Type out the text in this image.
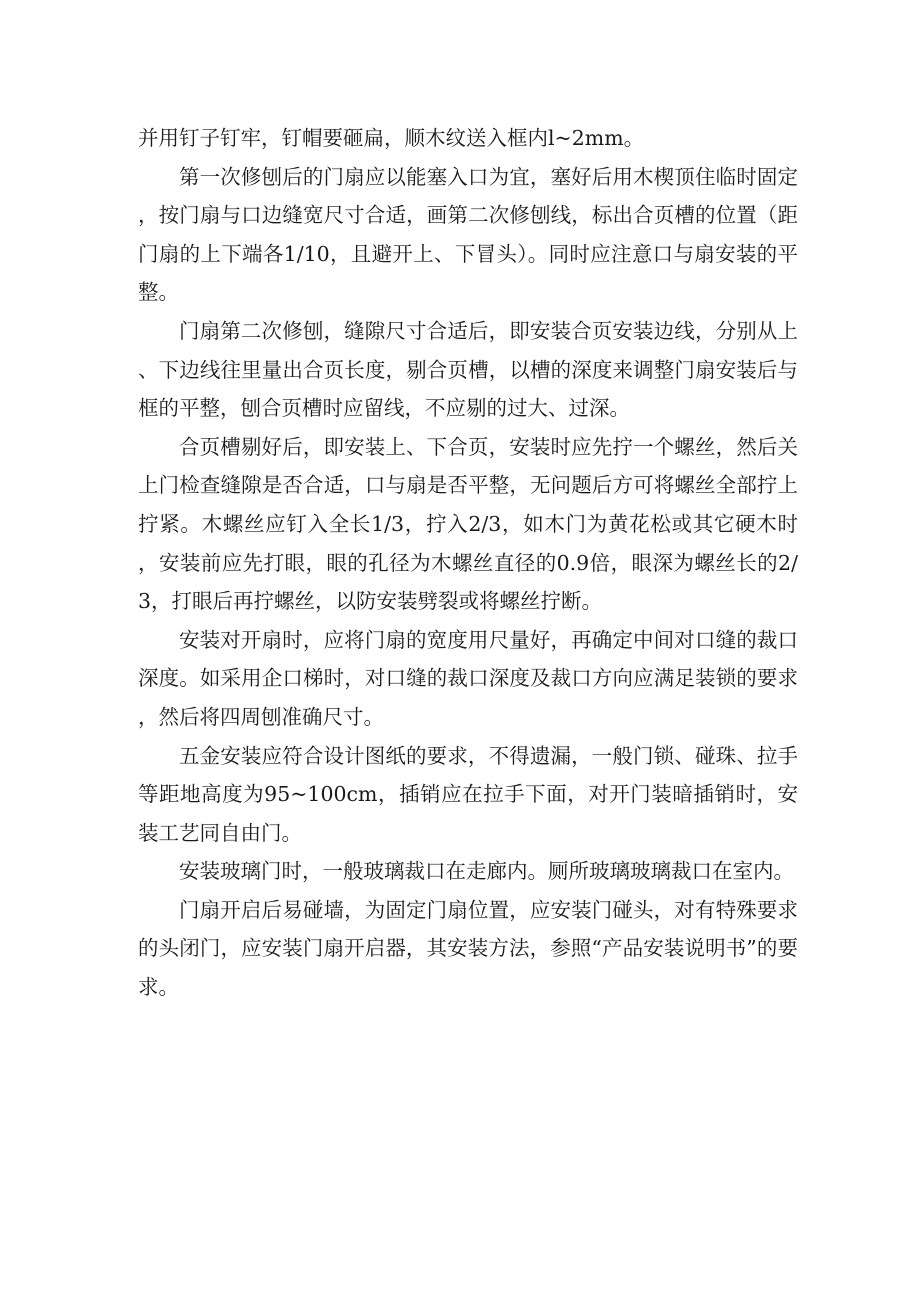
并用钉子钉牢，钉帽要砸扁，顺木纹送入框内l~2mm。

第一次修刨后的门扇应以能塞入口为宜，塞好后用木楔顶住临时固定，按门扇与口边缝宽尺寸合适，画第二次修刨线，标出合页槽的位置（距门扇的上下端各1/10，且避开上、下冒头）。同时应注意口与扇安装的平整。

门扇第二次修刨，缝隙尺寸合适后，即安装合页安装边线，分别从上、下边线往里量出合页长度，剔合页槽，以槽的深度来调整门扇安装后与框的平整，刨合页槽时应留线，不应剔的过大、过深。

合页槽剔好后，即安装上、下合页，安装时应先拧一个螺丝，然后关上门检查缝隙是否合适，口与扇是否平整，无问题后方可将螺丝全部拧上拧紧。木螺丝应钉入全长1/3，拧入2/3，如木门为黄花松或其它硬木时，安装前应先打眼，眼的孔径为木螺丝直径的0.9倍，眼深为螺丝长的2/3，打眼后再拧螺丝，以防安装劈裂或将螺丝拧断。

安装对开扇时，应将门扇的宽度用尺量好，再确定中间对口缝的裁口深度。如采用企口梯时，对口缝的裁口深度及裁口方向应满足装锁的要求，然后将四周刨准确尺寸。

五金安装应符合设计图纸的要求，不得遗漏，一般门锁、碰珠、拉手等距地高度为95~100cm，插销应在拉手下面，对开门装暗插销时，安装工艺同自由门。

安装玻璃门时，一般玻璃裁口在走廊内。厕所玻璃玻璃裁口在室内。

门扇开启后易碰墙，为固定门扇位置，应安装门碰头，对有特殊要求的头闭门，应安装门扇开启器，其安装方法，参照“产品安装说明书”的要求。
